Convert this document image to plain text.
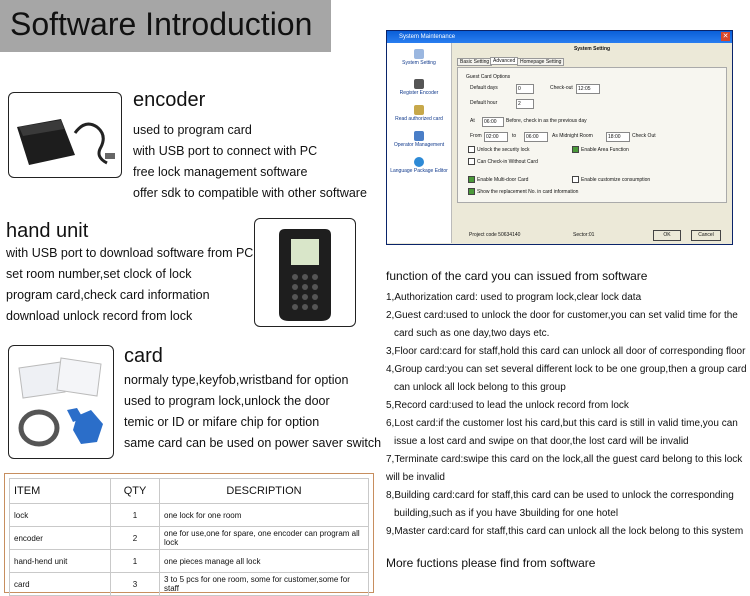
Software Introduction
encoder
used to program card
with USB port to connect with PC
free lock management software
offer sdk to compatible with other software
hand unit
with USB port to download software from PC
set room number,set clock of lock
program card,check card information
download unlock record from lock
card
normaly type,keyfob,wristband for option
used to program lock,unlock the door
temic or ID or mifare chip for option
same card can be used on power saver switch
ITEM	QTY	DESCRIPTION
lock	1	one lock for one room
encoder	2	one for use,one for spare, one encoder can program all lock
hand-hend unit	1	one pieces manage all lock
card	3	3 to 5 pcs for one room, some for customer,some for staff
System Maintenance	✕
System Setting
Register Encoder
Read authorized card
Operator Management
Language Package Editor
System Setting
Basic Setting Advanced Homepage Setting
Guest Card Options
Default days	0	Check-out	12:05
Default hour	2
At	06:00	Before, check in as the previous day
From 02:00	to	06:00	As Midnight Room	18:00	Check Out
Unlock the security lock	Enable Area Function
Can Check-in Without Card
Enable Multi-door Card	Enable customize consumption
Show the replacement No. in card information
Project code 50634140	Sector:01	OK	Cancel
function of the card you can issued from software
1,Authorization card: used to program lock,clear lock data
2,Guest card:used to unlock the door for customer,you can set valid time for the
card such as one day,two days etc.
3,Floor card:card for staff,hold this card can unlock all door of corresponding floor
4,Group card:you can set several different lock to be one group,then a group card
can unlock all lock belong to this group
5,Record card:used to lead the unlock record from lock
6,Lost card:if the customer lost his card,but this card is still in valid time,you can
issue a lost card and swipe on that door,the lost card will be invalid
7,Terminate card:swipe this card on the lock,all the guest card belong to this lock
will be invalid
8,Building card:card for staff,this card can be used to unlock the corresponding
building,such as if you have 3building for one hotel
9,Master card:card for staff,this card can unlock all the lock belong to this system
More fuctions please find from software
